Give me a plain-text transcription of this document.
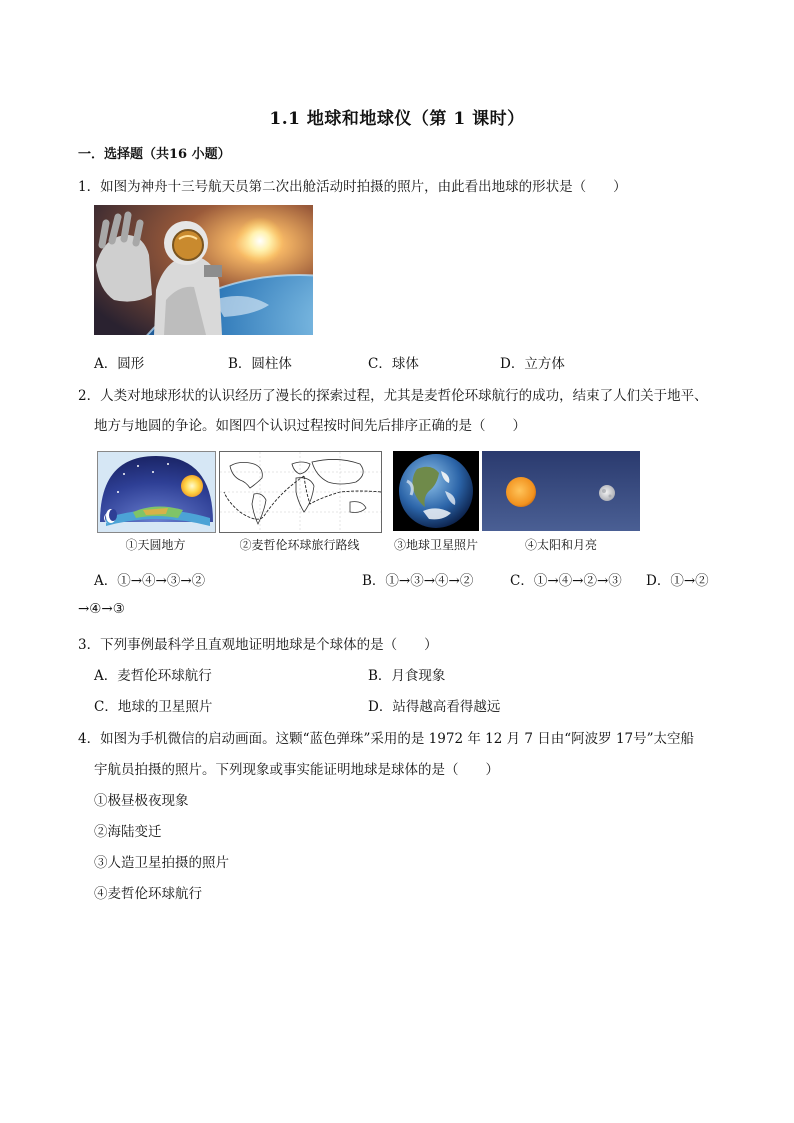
1.1 地球和地球仪（第 1 课时）
一．选择题（共16 小题）
1．如图为神舟十三号航天员第二次出舱活动时拍摄的照片，由此看出地球的形状是（　　）
A．圆形	B．圆柱体	C．球体	D．立方体
2．人类对地球形状的认识经历了漫长的探索过程，尤其是麦哲伦环球航行的成功，结束了人们关于地平、
地方与地圆的争论。如图四个认识过程按时间先后排序正确的是（　　）
①天圆地方	②麦哲伦环球旅行路线	③地球卫星照片	④太阳和月亮
A．①→④→③→②	B．①→③→④→②	C．①→④→②→③ D．①→②
→④→③
3．下列事例最科学且直观地证明地球是个球体的是（　　）
A．麦哲伦环球航行	B．月食现象
C．地球的卫星照片	D．站得越高看得越远
4．如图为手机微信的启动画面。这颗“蓝色弹珠”采用的是 1972 年 12 月 7 日由“阿波罗 17号”太空船
宇航员拍摄的照片。下列现象或事实能证明地球是球体的是（　　）
①极昼极夜现象
②海陆变迁
③人造卫星拍摄的照片
④麦哲伦环球航行
